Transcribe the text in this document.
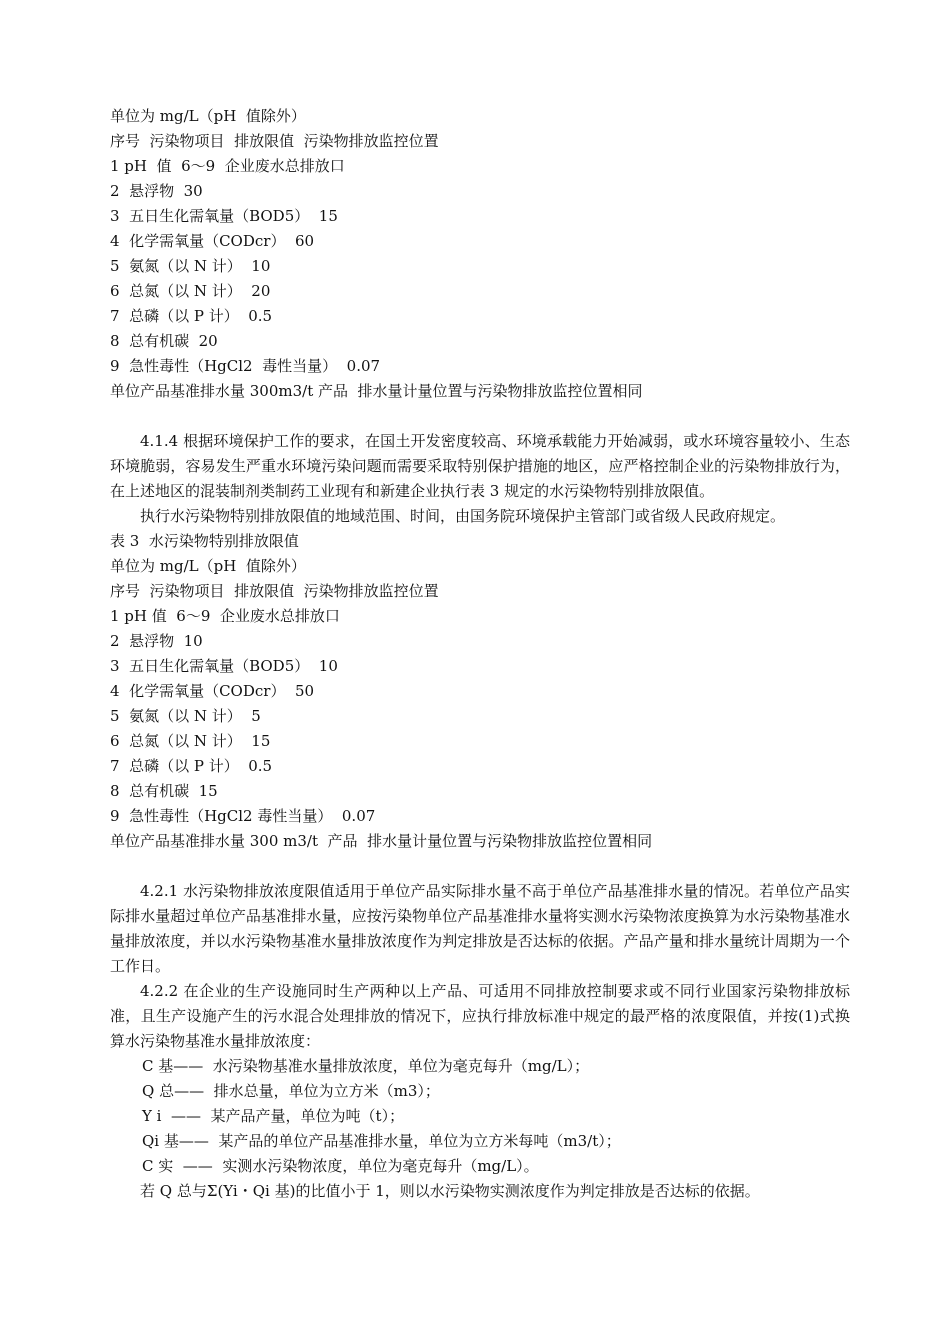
单位为 mg/L（pH  值除外）
序号  污染物项目  排放限值  污染物排放监控位置
1 pH  值  6～9  企业废水总排放口
2  悬浮物  30
3  五日生化需氧量（BOD5）  15
4  化学需氧量（CODcr）  60
5  氨氮（以 N 计）  10
6  总氮（以 N 计）  20
7  总磷（以 P 计）  0.5
8  总有机碳  20
9  急性毒性（HgCl2  毒性当量）  0.07
单位产品基准排水量 300m3/t 产品  排水量计量位置与污染物排放监控位置相同

4.1.4 根据环境保护工作的要求，在国土开发密度较高、环境承载能力开始减弱，或水环境容量较小、生态环境脆弱，容易发生严重水环境污染问题而需要采取特别保护措施的地区，应严格控制企业的污染物排放行为，在上述地区的混装制剂类制药工业现有和新建企业执行表 3 规定的水污染物特别排放限值。

执行水污染物特别排放限值的地域范围、时间，由国务院环境保护主管部门或省级人民政府规定。

表 3  水污染物特别排放限值
单位为 mg/L（pH  值除外）
序号  污染物项目  排放限值  污染物排放监控位置
1 pH 值  6～9  企业废水总排放口
2  悬浮物  10
3  五日生化需氧量（BOD5）  10
4  化学需氧量（CODcr）  50
5  氨氮（以 N 计）  5
6  总氮（以 N 计）  15
7  总磷（以 P 计）  0.5
8  总有机碳  15
9  急性毒性（HgCl2 毒性当量）  0.07
单位产品基准排水量 300 m3/t  产品  排水量计量位置与污染物排放监控位置相同

4.2.1 水污染物排放浓度限值适用于单位产品实际排水量不高于单位产品基准排水量的情况。若单位产品实际排水量超过单位产品基准排水量，应按污染物单位产品基准排水量将实测水污染物浓度换算为水污染物基准水量排放浓度，并以水污染物基准水量排放浓度作为判定排放是否达标的依据。产品产量和排水量统计周期为一个工作日。

4.2.2 在企业的生产设施同时生产两种以上产品、可适用不同排放控制要求或不同行业国家污染物排放标准，且生产设施产生的污水混合处理排放的情况下，应执行排放标准中规定的最严格的浓度限值，并按(1)式换算水污染物基准水量排放浓度：

C 基——  水污染物基准水量排放浓度，单位为毫克每升（mg/L）；
Q 总——  排水总量，单位为立方米（m3）；
Y i  ——  某产品产量，单位为吨（t）；
Qi 基——  某产品的单位产品基准排水量，单位为立方米每吨（m3/t）；
C 实  ——  实测水污染物浓度，单位为毫克每升（mg/L）。

若 Q 总与Σ(Yi・Qi 基)的比值小于 1，则以水污染物实测浓度作为判定排放是否达标的依据。
